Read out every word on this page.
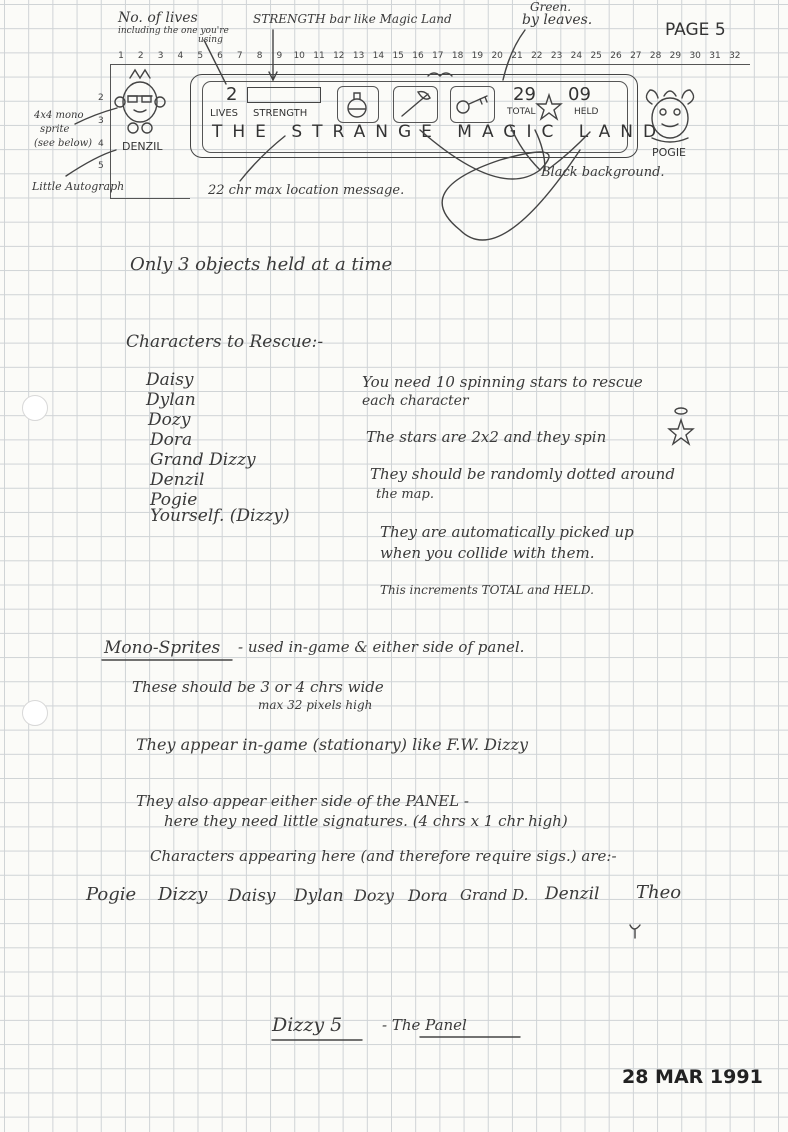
PAGE 5
1 2 3 4 5 6 7 8 9 10 11 12 13 14 15 16 17 18 19 20 21 22 23 24 25 26 27 28 29 30 31 32
2
3
4
5
No. of lives
including the one you're
using
STRENGTH bar like Magic Land
Green.
by leaves.
4x4 mono
sprite
(see below)
Little Autograph	22 chr max location message.
Black background.
2
LIVES STRENGTH
29 09
TOTAL	HELD
THE STRANGE MAGIC LAND
DENZIL	POGIE
Only 3 objects held at a time
Characters to Rescue:-
Daisy
Dylan
Dozy
Dora
Grand Dizzy
Denzil
Pogie
Yourself. (Dizzy)
You need 10 spinning stars to rescue
each character
The stars are 2x2 and they spin
They should be randomly dotted around
the map.
They are automatically picked up
when you collide with them.
This increments TOTAL and HELD.
Mono-Sprites - used in-game & either side of panel.
These should be 3 or 4 chrs wide
max 32 pixels high
They appear in-game (stationary) like F.W. Dizzy
They also appear either side of the PANEL -
here they need little signatures. (4 chrs x 1 chr high)
Characters appearing here (and therefore require sigs.) are:-
Pogie Dizzy Daisy Dylan Dozy Dora Grand D. Denzil Theo
Dizzy 5	- The Panel
28 MAR 1991
